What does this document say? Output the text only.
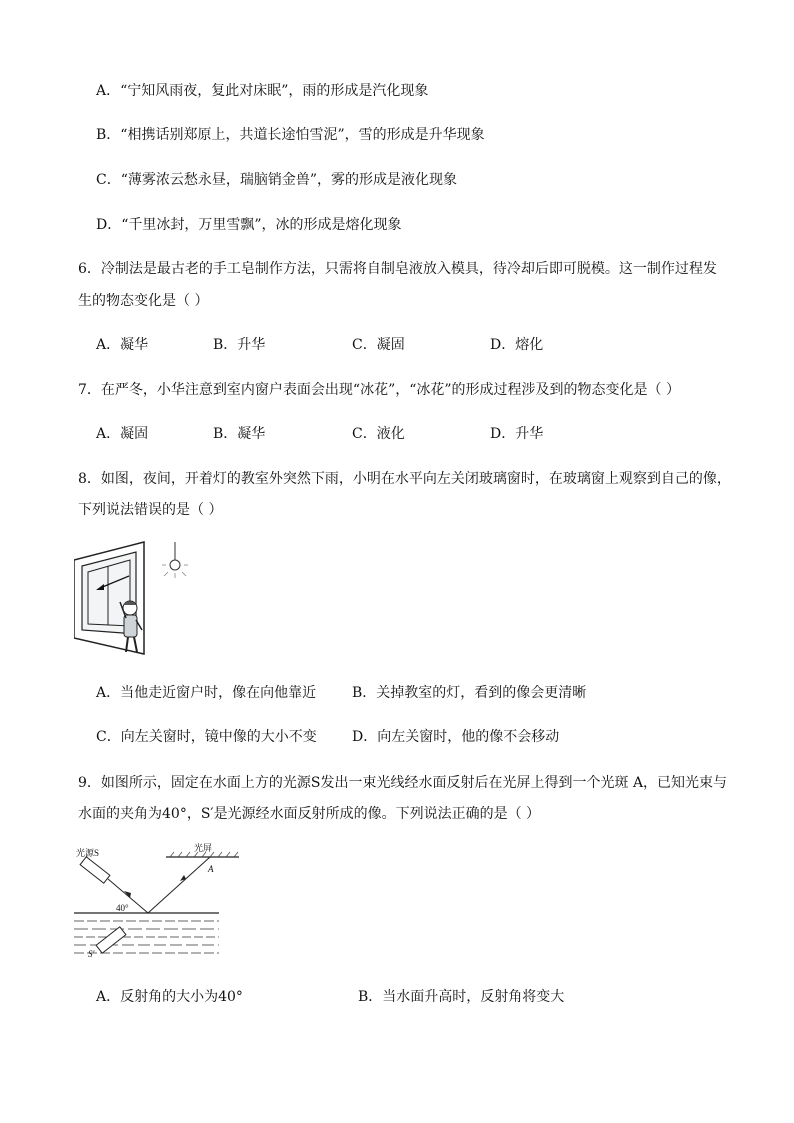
A．“宁知风雨夜，复此对床眠”，雨的形成是汽化现象
B．“相携话别郑原上，共道长途怕雪泥”，雪的形成是升华现象
C．“薄雾浓云愁永昼，瑞脑销金兽”，雾的形成是液化现象
D．“千里冰封，万里雪飘”，冰的形成是熔化现象
6．冷制法是最古老的手工皂制作方法，只需将自制皂液放入模具，待冷却后即可脱模。这一制作过程发
生的物态变化是（ ）
A．凝华	B．升华	C．凝固	D．熔化
7．在严冬，小华注意到室内窗户表面会出现“冰花”，“冰花”的形成过程涉及到的物态变化是（ ）
A．凝固	B．凝华	C．液化	D．升华
8．如图，夜间，开着灯的教室外突然下雨，小明在水平向左关闭玻璃窗时，在玻璃窗上观察到自己的像，
下列说法错误的是（ ）
A．当他走近窗户时，像在向他靠近	B．关掉教室的灯，看到的像会更清晰
C．向左关窗时，镜中像的大小不变	D．向左关窗时，他的像不会移动
9．如图所示，固定在水面上方的光源S发出一束光线经水面反射后在光屏上得到一个光斑 A，已知光束与
水面的夹角为40°，S′是光源经水面反射所成的像。下列说法正确的是（ ）
光屏
A
光源S
40°
S′
A．反射角的大小为40°	B．当水面升高时，反射角将变大
